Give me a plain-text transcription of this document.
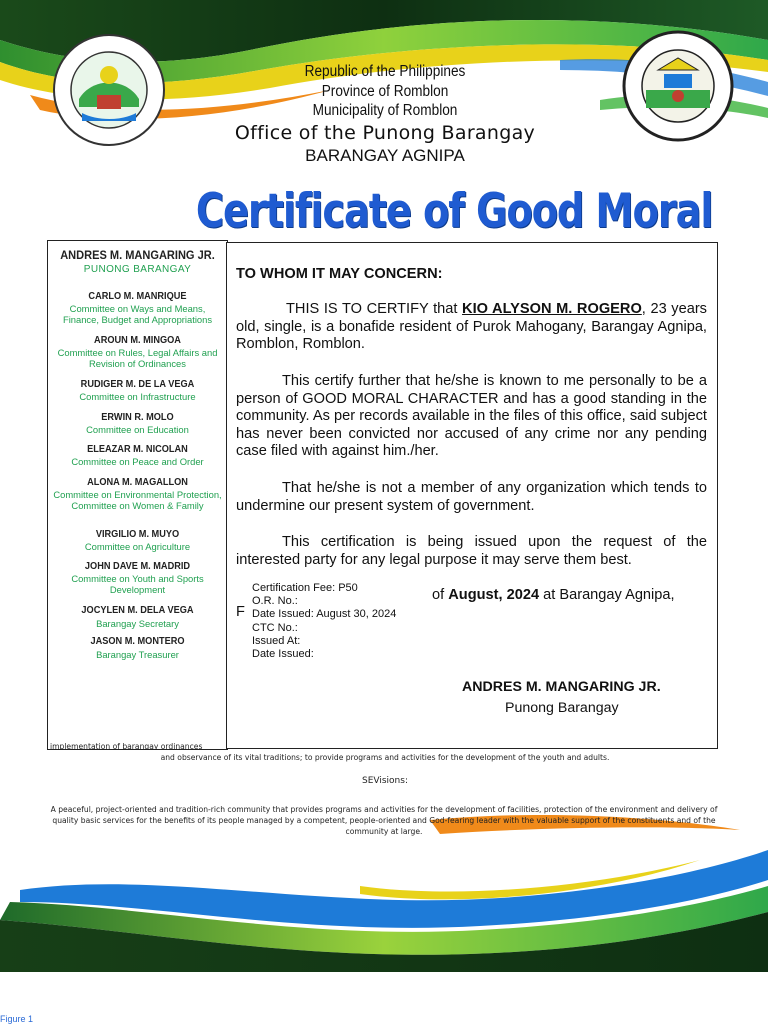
Republic of the Philippines
Province of Romblon
Municipality of Romblon
Office of the Punong Barangay
BARANGAY AGNIPA
Certificate of Good Moral
ANDRES M. MANGARING JR.
PUNONG BARANGAY
CARLO M. MANRIQUE
Committee on Ways and Means, Finance, Budget and Appropriations
AROUN M. MINGOA
Committee on Rules, Legal Affairs and Revision of Ordinances
RUDIGER M. DE LA VEGA
Committee on Infrastructure
ERWIN R. MOLO
Committee on Education
ELEAZAR M. NICOLAN
Committee on Peace and Order
ALONA M. MAGALLON
Committee on Environmental Protection, Committee on Women & Family
VIRGILIO M. MUYO
Committee on Agriculture
JOHN DAVE M. MADRID
Committee on Youth and Sports Development
JOCYLEN M. DELA VEGA
Barangay Secretary
JASON M. MONTERO
Barangay Treasurer
TO WHOM IT MAY CONCERN:
THIS IS TO CERTIFY that KIO ALYSON M. ROGERO, 23 years old, single, is a bonafide resident of Purok Mahogany, Barangay Agnipa, Romblon, Romblon.
This certify further that he/she is known to me personally to be a person of GOOD MORAL CHARACTER and has a good standing in the community. As per records available in the files of this office, said subject has never been convicted nor accused of any crime nor any pending case filed with against him./her.
That he/she is not a member of any organization which tends to undermine our present system of government.
This certification is being issued upon the request of the interested party for any legal purpose it may serve them best.
of August, 2024 at Barangay Agnipa,
F
Certification Fee: P50
O.R. No.:
Date Issued: August 30, 2024
CTC No.:
Issued At:
Date Issued:
ANDRES M. MANGARING JR.
Punong Barangay
implementation of barangay ordinances
and observance of its vital traditions; to provide programs and activities for the development of the youth and adults.
SEVisions:
A peaceful, project-oriented and tradition-rich community that provides programs and activities for the development of facilities, protection of the environment and delivery of quality basic services for the benefits of its people managed by a competent, people-oriented and God-fearing leader with the valuable support of the constituents and of the community at large.
Figure 1
